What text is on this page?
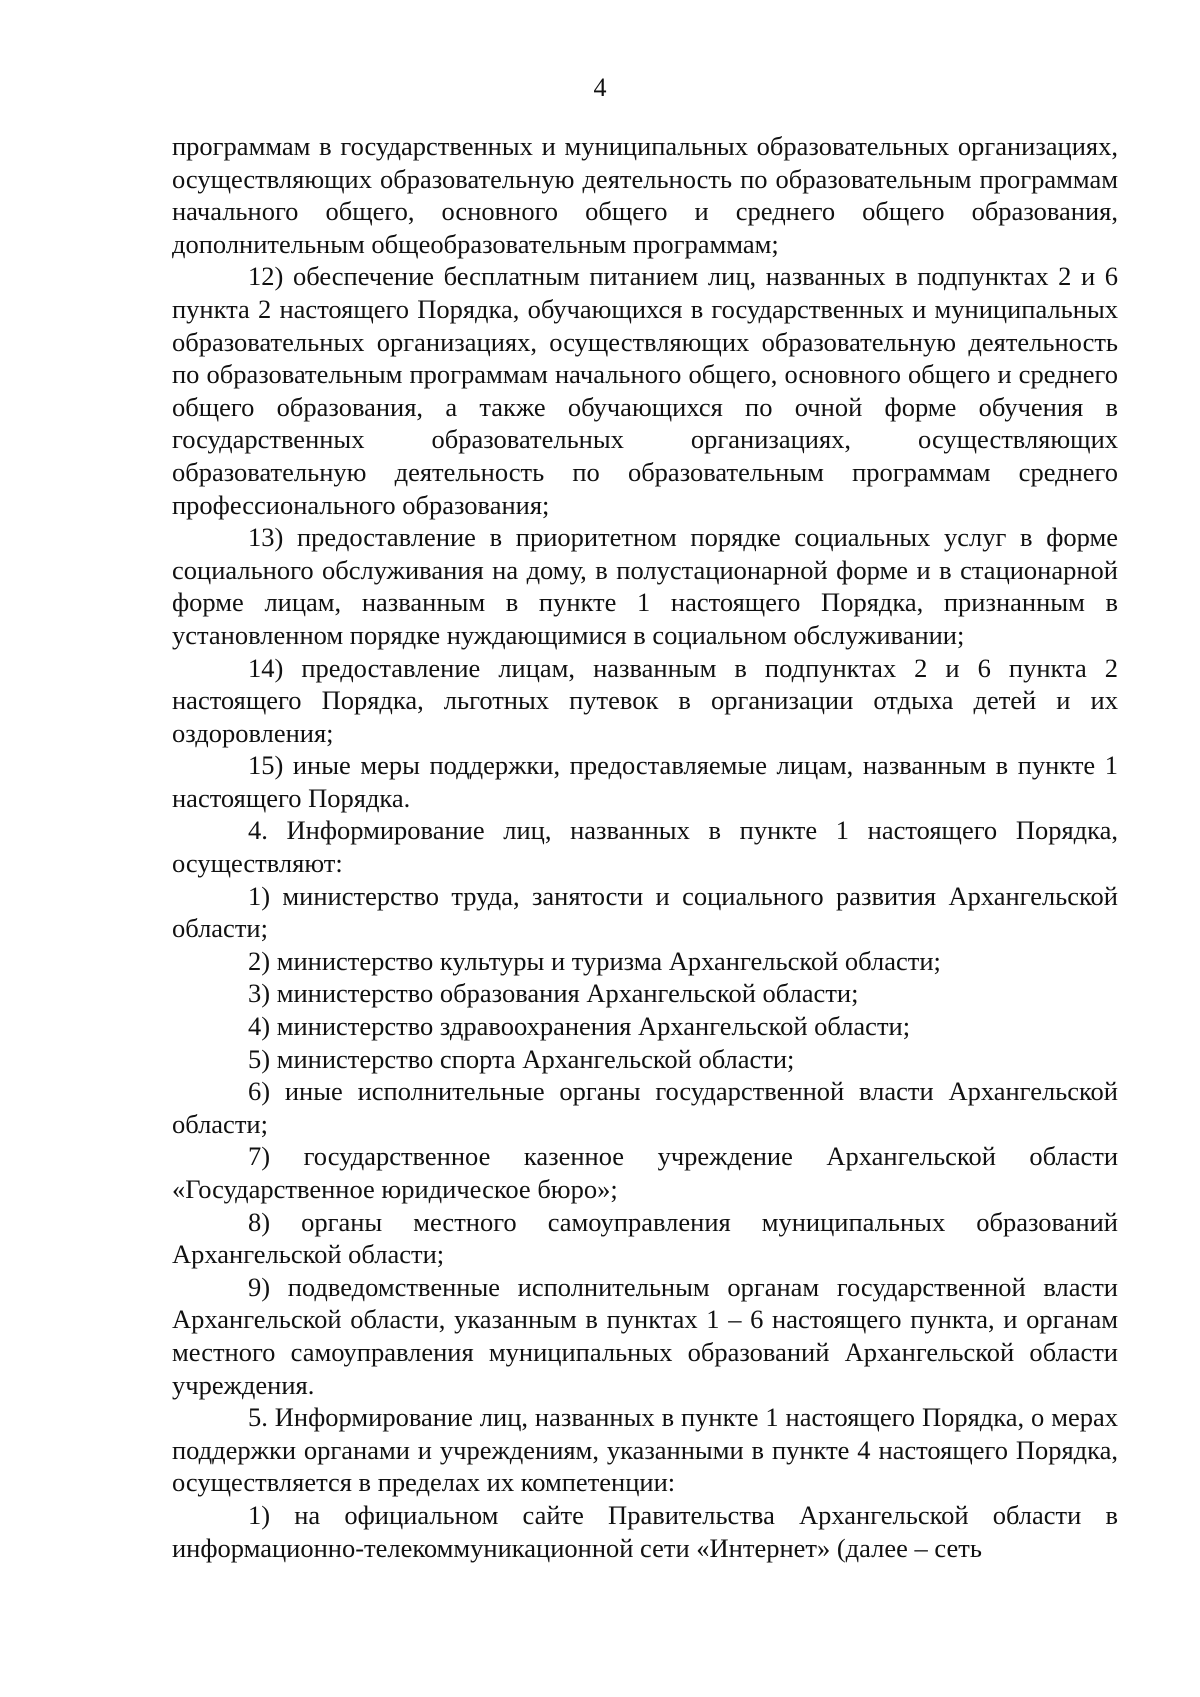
4

программам в государственных и муниципальных образовательных организациях, осуществляющих образовательную деятельность по образовательным программам начального общего, основного общего и среднего общего образования, дополнительным общеобразовательным программам;

12) обеспечение бесплатным питанием лиц, названных в подпунктах 2 и 6 пункта 2 настоящего Порядка, обучающихся в государственных и муниципальных образовательных организациях, осуществляющих образовательную деятельность по образовательным программам начального общего, основного общего и среднего общего образования, а также обучающихся по очной форме обучения в государственных образовательных организациях, осуществляющих образовательную деятельность по образовательным программам среднего профессионального образования;

13) предоставление в приоритетном порядке социальных услуг в форме социального обслуживания на дому, в полустационарной форме и в стационарной форме лицам, названным в пункте 1 настоящего Порядка, признанным в установленном порядке нуждающимися в социальном обслуживании;

14) предоставление лицам, названным в подпунктах 2 и 6 пункта 2 настоящего Порядка, льготных путевок в организации отдыха детей и их оздоровления;

15) иные меры поддержки, предоставляемые лицам, названным в пункте 1 настоящего Порядка.

4. Информирование лиц, названных в пункте 1 настоящего Порядка, осуществляют:

1) министерство труда, занятости и социального развития Архангельской области;

2) министерство культуры и туризма Архангельской области;

3) министерство образования Архангельской области;

4) министерство здравоохранения Архангельской области;

5) министерство спорта Архангельской области;

6) иные исполнительные органы государственной власти Архангельской области;

7) государственное казенное учреждение Архангельской области «Государственное юридическое бюро»;

8) органы местного самоуправления муниципальных образований Архангельской области;

9) подведомственные исполнительным органам государственной власти Архангельской области, указанным в пунктах 1 – 6 настоящего пункта, и органам местного самоуправления муниципальных образований Архангельской области учреждения.

5. Информирование лиц, названных в пункте 1 настоящего Порядка, о мерах поддержки органами и учреждениям, указанными в пункте 4 настоящего Порядка, осуществляется в пределах их компетенции:

1) на официальном сайте Правительства Архангельской области в информационно-телекоммуникационной сети «Интернет» (далее – сеть
